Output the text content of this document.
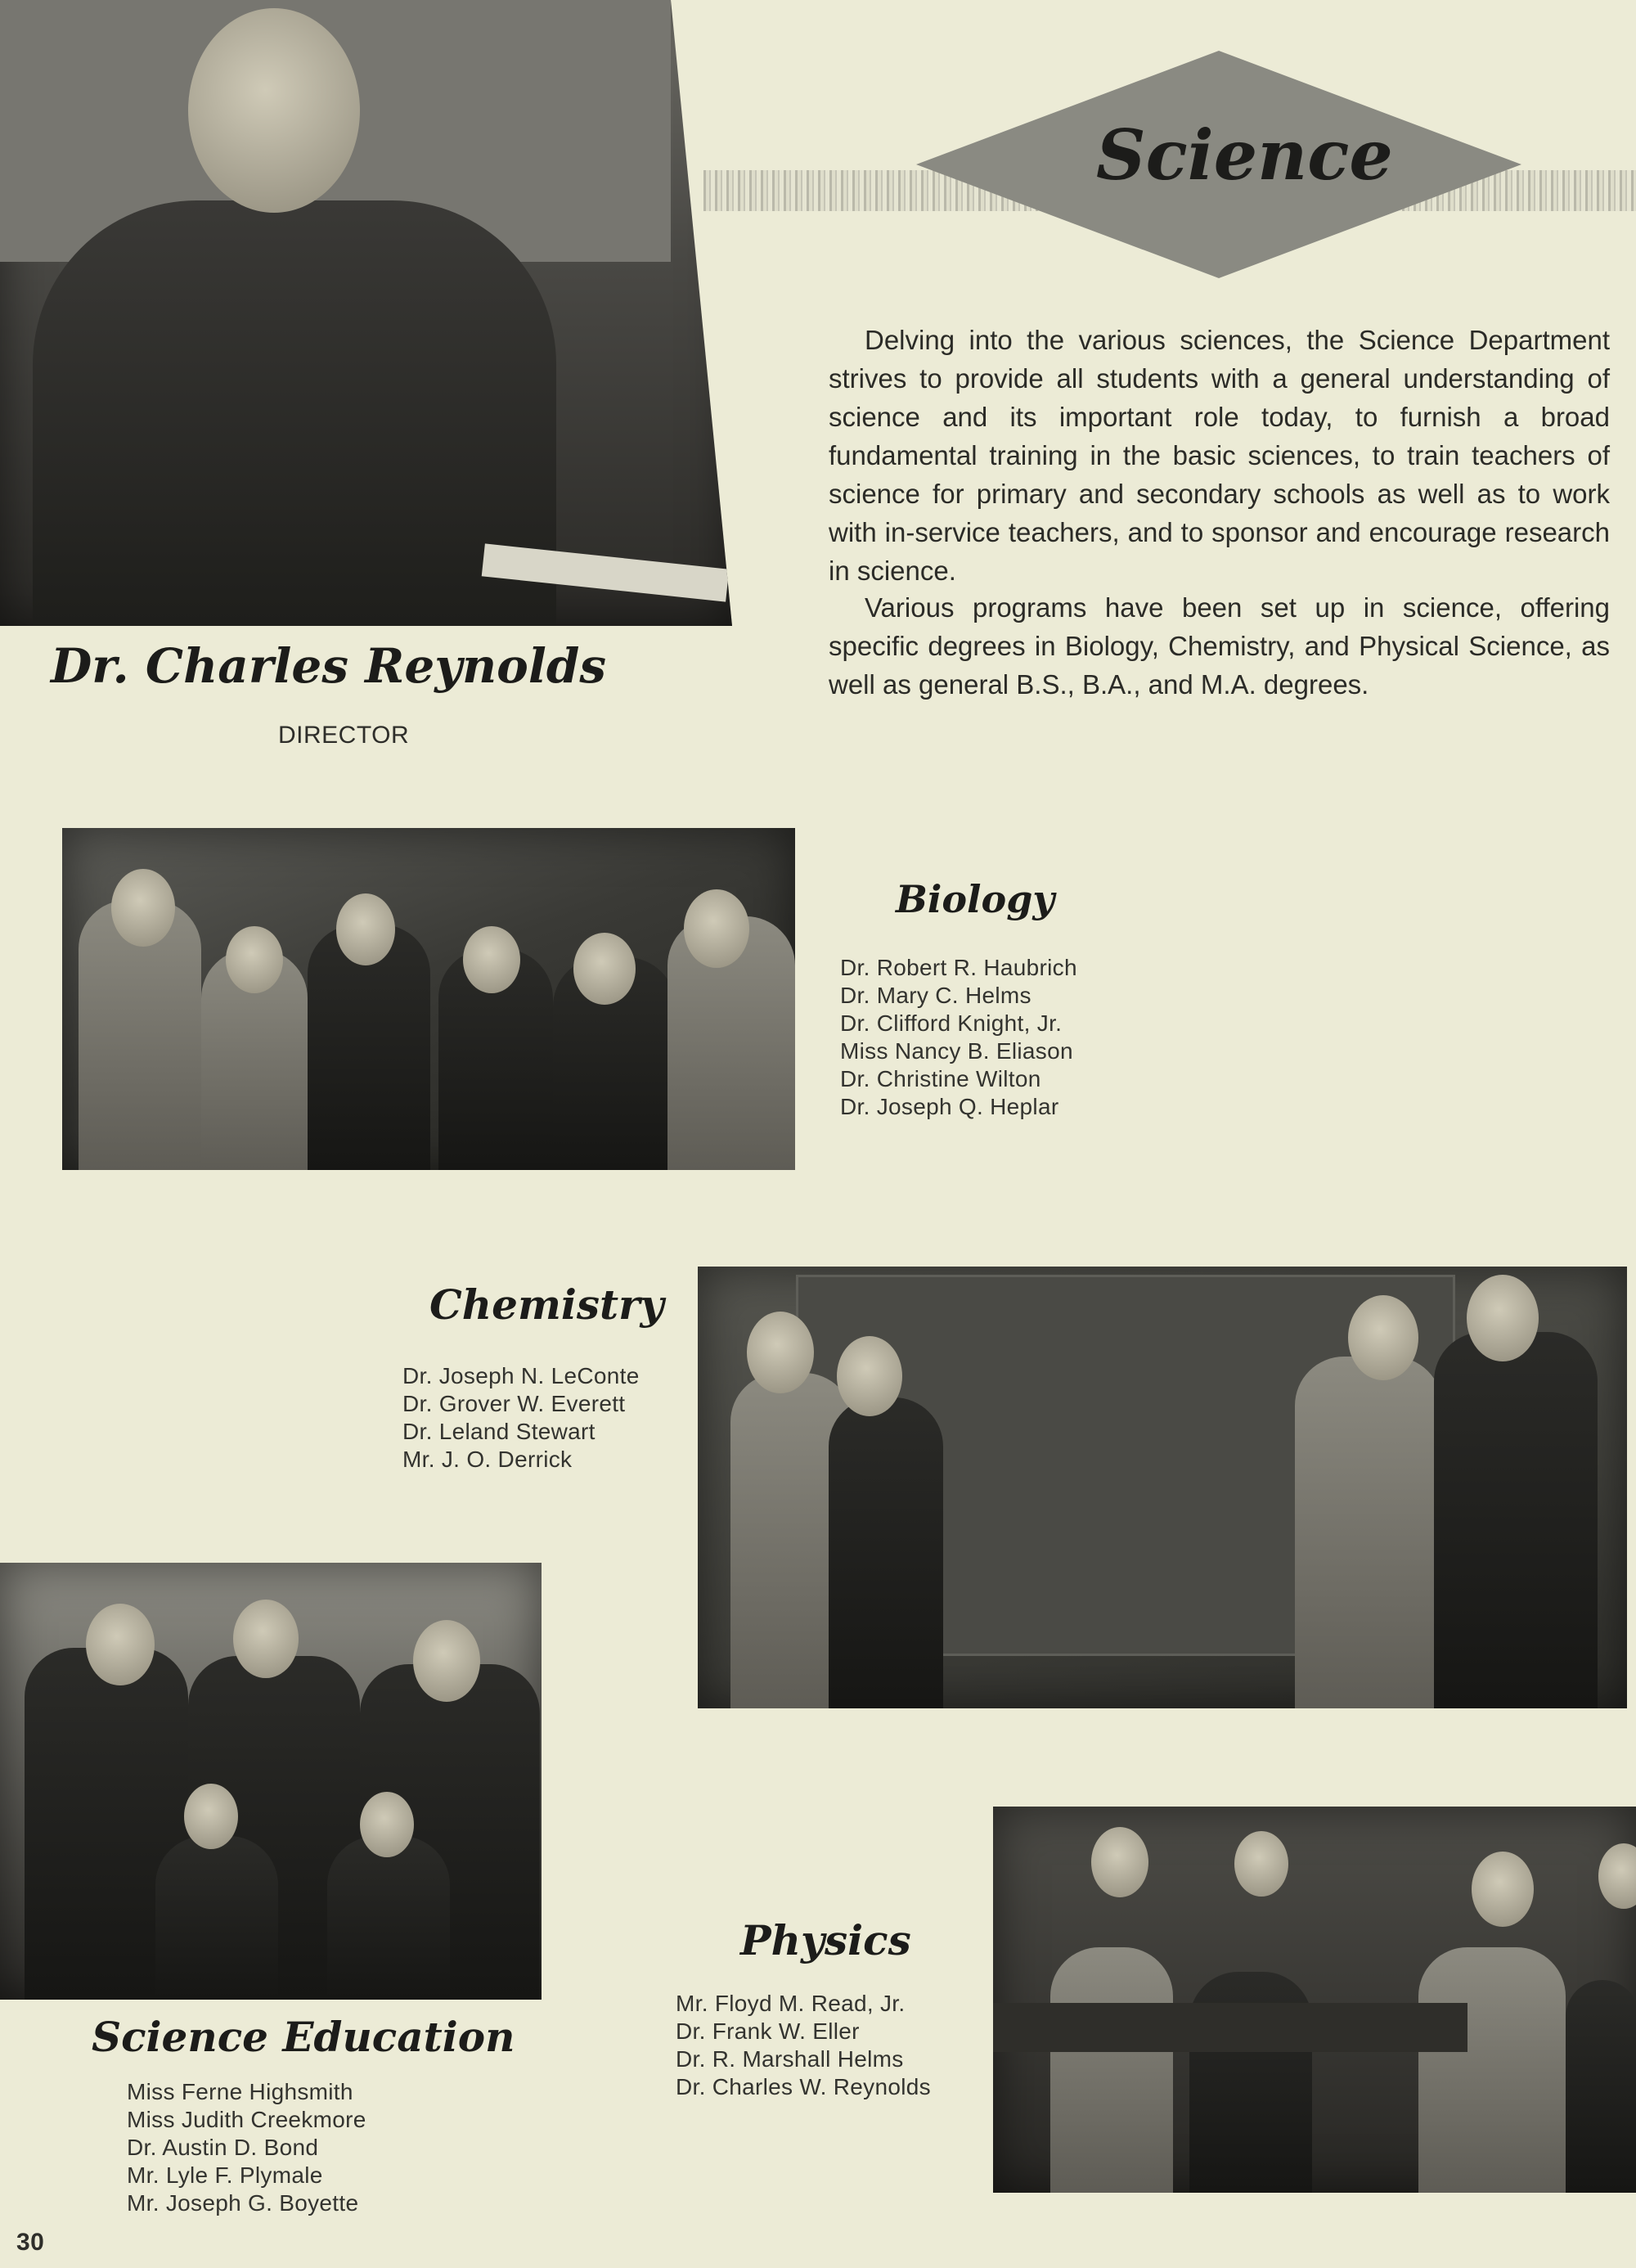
Dr. Charles Reynolds
DIRECTOR
Science

Delving into the various sciences, the Science Department strives to provide all students with a general understanding of science and its important role today, to furnish a broad fundamental training in the basic sciences, to train teachers of science for primary and secondary schools as well as to work with in-service teachers, and to sponsor and encourage research in science.

Various programs have been set up in science, offering specific degrees in Biology, Chemistry, and Physical Science, as well as general B.S., B.A., and M.A. degrees.

Biology
Dr. Robert R. Haubrich
Dr. Mary C. Helms
Dr. Clifford Knight, Jr.
Miss Nancy B. Eliason
Dr. Christine Wilton
Dr. Joseph Q. Heplar
Chemistry
Dr. Joseph N. LeConte
Dr. Grover W. Everett
Dr. Leland Stewart
Mr. J. O. Derrick
Science Education
Miss Ferne Highsmith
Miss Judith Creekmore
Dr. Austin D. Bond
Mr. Lyle F. Plymale
Mr. Joseph G. Boyette
Physics
Mr. Floyd M. Read, Jr.
Dr. Frank W. Eller
Dr. R. Marshall Helms
Dr. Charles W. Reynolds
30
